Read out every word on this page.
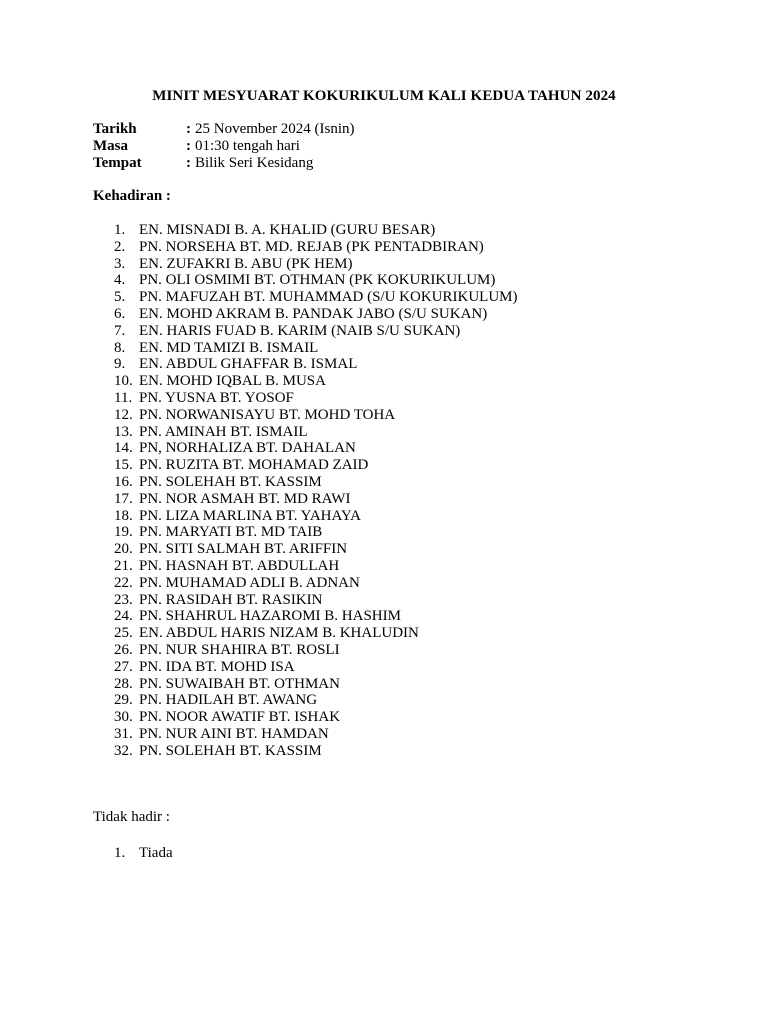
MINIT MESYUARAT KOKURIKULUM KALI KEDUA TAHUN 2024
Tarikh	: 25 November 2024 (Isnin)
Masa	: 01:30 tengah hari
Tempat	: Bilik Seri Kesidang
Kehadiran :
1. EN. MISNADI B. A. KHALID (GURU BESAR)
2. PN. NORSEHA BT. MD. REJAB (PK PENTADBIRAN)
3. EN. ZUFAKRI B. ABU (PK HEM)
4. PN. OLI OSMIMI BT. OTHMAN (PK KOKURIKULUM)
5. PN. MAFUZAH BT. MUHAMMAD (S/U KOKURIKULUM)
6. EN. MOHD AKRAM B. PANDAK JABO (S/U SUKAN)
7. EN. HARIS FUAD B. KARIM (NAIB S/U SUKAN)
8. EN. MD TAMIZI B. ISMAIL
9. EN. ABDUL GHAFFAR B. ISMAL
10. EN. MOHD IQBAL B. MUSA
11. PN. YUSNA BT. YOSOF
12. PN. NORWANISAYU BT. MOHD TOHA
13. PN. AMINAH BT. ISMAIL
14. PN, NORHALIZA BT. DAHALAN
15. PN. RUZITA BT. MOHAMAD ZAID
16. PN. SOLEHAH BT. KASSIM
17. PN. NOR ASMAH BT. MD RAWI
18. PN. LIZA MARLINA BT. YAHAYA
19. PN. MARYATI BT. MD TAIB
20. PN. SITI SALMAH BT. ARIFFIN
21. PN. HASNAH BT. ABDULLAH
22. PN. MUHAMAD ADLI B. ADNAN
23. PN. RASIDAH BT. RASIKIN
24. PN. SHAHRUL HAZAROMI B. HASHIM
25. EN. ABDUL HARIS NIZAM B. KHALUDIN
26. PN. NUR SHAHIRA BT. ROSLI
27. PN. IDA BT. MOHD ISA
28. PN. SUWAIBAH BT. OTHMAN
29. PN. HADILAH BT. AWANG
30. PN. NOOR AWATIF BT. ISHAK
31. PN. NUR AINI BT. HAMDAN
32. PN. SOLEHAH BT. KASSIM
Tidak hadir :
1. Tiada
